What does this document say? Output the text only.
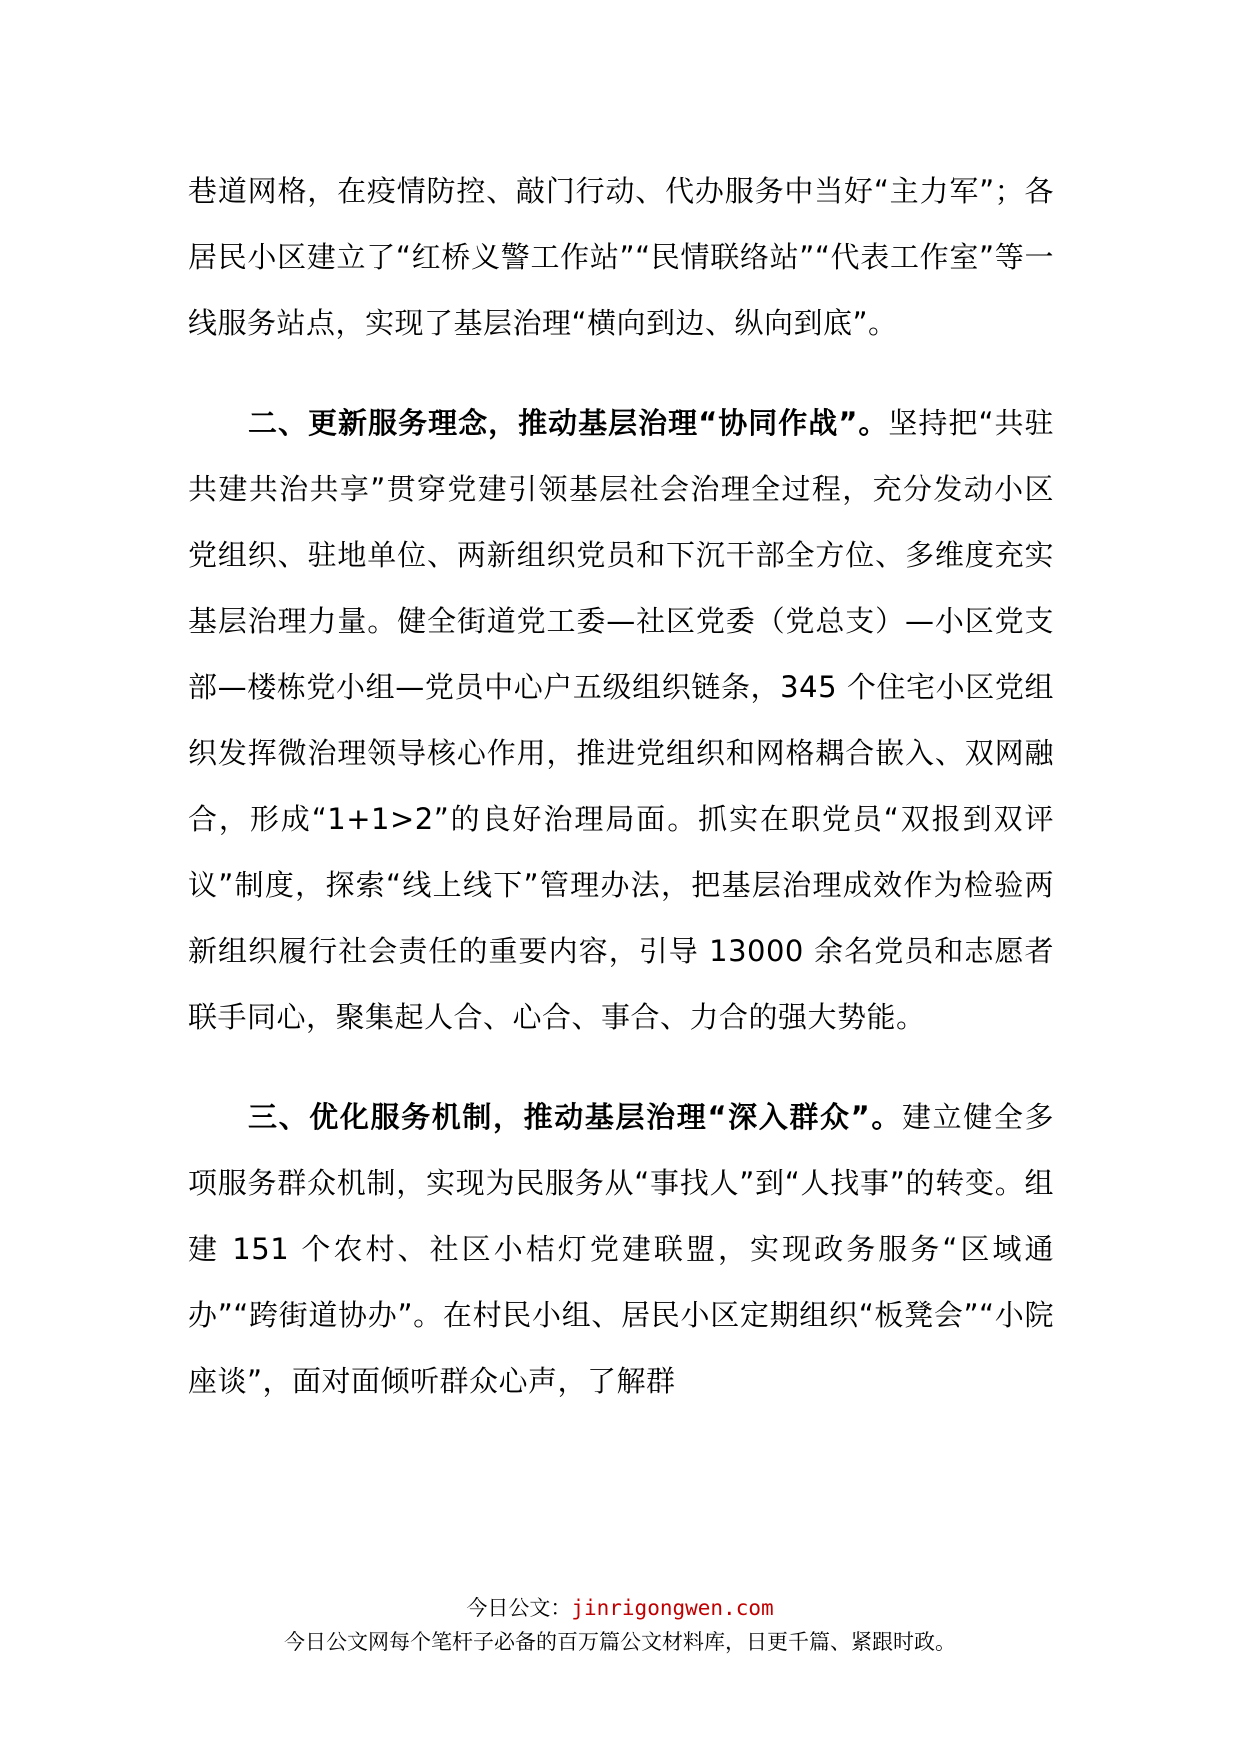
巷道网格，在疫情防控、敲门行动、代办服务中当好“主力军”；各居民小区建立了“红桥义警工作站”“民情联络站”“代表工作室”等一线服务站点，实现了基层治理“横向到边、纵向到底”。

二、更新服务理念，推动基层治理“协同作战”。坚持把“共驻共建共治共享”贯穿党建引领基层社会治理全过程，充分发动小区党组织、驻地单位、两新组织党员和下沉干部全方位、多维度充实基层治理力量。健全街道党工委—社区党委（党总支）—小区党支部—楼栋党小组—党员中心户五级组织链条，345 个住宅小区党组织发挥微治理领导核心作用，推进党组织和网格耦合嵌入、双网融合，形成“1+1>2”的良好治理局面。抓实在职党员“双报到双评议”制度，探索“线上线下”管理办法，把基层治理成效作为检验两新组织履行社会责任的重要内容，引导 13000 余名党员和志愿者联手同心，聚集起人合、心合、事合、力合的强大势能。

三、优化服务机制，推动基层治理“深入群众”。建立健全多项服务群众机制，实现为民服务从“事找人”到“人找事”的转变。组建 151 个农村、社区小桔灯党建联盟，实现政务服务“区域通办”“跨街道协办”。在村民小组、居民小区定期组织“板凳会”“小院座谈”，面对面倾听群众心声，了解群

今日公文：jinrigongwen.com
今日公文网每个笔杆子必备的百万篇公文材料库，日更千篇、紧跟时政。
